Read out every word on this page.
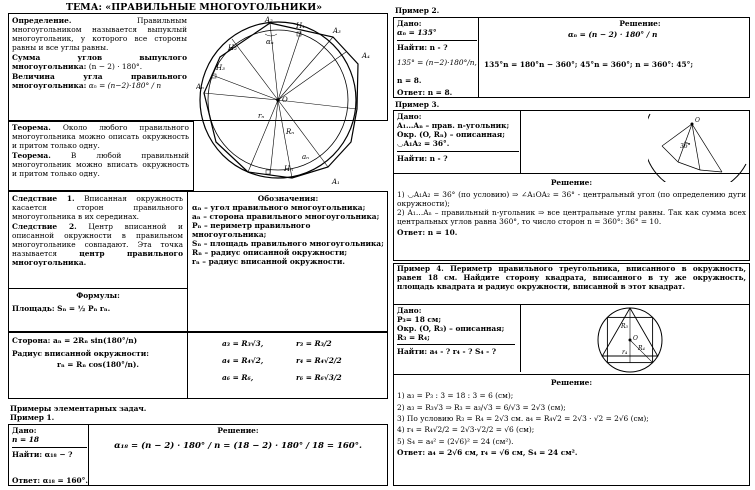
ТЕМА: «ПРАВИЛЬНЫЕ МНОГОУГОЛЬНИКИ»

Определение.	Правильным многоугольником называется выпуклый многоугольник, у которого все стороны равны и все углы равны.

Сумма углов выпуклого многоугольника: (n − 2) · 180°.

Величина угла правильного многоугольника: αₙ = (n−2)·180° / n

A₂
A₃
A₄
A₁
Aₙ
H₁
H₂
H₃
Hₙ
O
αₙ
rₙ
Rₙ
aₙ

Теорема. Около любого правильного многоугольника можно описать окружность и притом только одну.

Теорема.	В любой правильный многоугольник можно вписать окружность и притом только одну.

Следствие 1. Вписанная окружность касается сторон правильного многоугольника в их серединах.

Следствие 2. Центр вписанной и описанной окружности в правильном многоугольнике совпадают. Эта точка называется	центр правильного многоугольника.

Обозначения:
αₙ – угол правильного многоугольника;
aₙ – сторона правильного многоугольника;
Pₙ – периметр правильного многоугольника;
Sₙ – площадь правильного многоугольника;
Rₙ – радиус описанной окружности;
rₙ – радиус вписанной окружности.
Формулы:
Площадь: Sₙ = ½ Pₙ rₙ.
Сторона: aₙ = 2Rₙ sin(180°/n)
Радиус вписанной окружности:
rₙ = Rₙ cos(180°/n).
a₃ = R₃√3,	r₃ = R₃/2
a₄ = R₄√2,	r₄ = R₄√2/2
a₆ = R₆,	r₆ = R₆√3/2
Примеры элементарных задач.
Пример 1.
Дано:
n = 18
Найти: α₁₈ − ?
Решение:
α₁₈ = (n − 2) · 180° / n = (18 − 2) · 180° / 18 = 160°.
Ответ: α₁₈ = 160°.
Пример 2.
Дано:
αₙ = 135°
Найти: n - ?
135° = (n−2)·180°/n,
Решение:
αₙ = (n − 2) · 180° / n
135°n = 180°n − 360°; 45°n = 360°; n = 360°: 45°;
n = 8.
Ответ: n = 8.
Пример 3.
Дано:
A₁…Aₙ – прав. n-угольник;
Окр. (O, Rₙ) – описанная;
◡A₁A₂ = 36°.
Найти: n - ?
O
36°
Решение:

1) ◡A₁A₂ = 36° (по условию) ⇒ ∠A₁OA₂ = 36° - центральный угол (по определению дуги окружности);

2) A₁…Aₙ – правильный n-угольник ⇒ все центральные углы равны. Так как сумма всех центральных углов равна 360°, то число сторон n = 360°: 36° = 10.

Ответ: n = 10.

Пример 4. Периметр правильного треугольника, вписанного в окружность, равен 18 см. Найдите сторону квадрата, вписанного в ту же окружность, площадь квадрата и радиус окружности, вписанной в этот квадрат.
Дано:
P₃= 18 см;
Окр. (O, R₃) – описанная;
R₃ = R₄;
Найти: a₄ - ? r₄ - ? S₄ - ?
R₃
R₄
r₄
O
Решение:
1) a₃ = P₃ : 3 = 18 : 3 = 6 (см);
2) a₃ = R₃√3 ⇒ R₃ = a₃/√3 = 6/√3 = 2√3 (см);
3) По условию R₃ = R₄ = 2√3 см. a₄ = R₄√2 = 2√3 · √2 = 2√6 (см);
4) r₄ = R₄√2/2 = 2√3·√2/2 = √6 (см);
5) S₄ = a₄² = (2√6)² = 24 (см²).
Ответ: a₄ = 2√6 см, r₄ = √6 см, S₄ = 24 см².
